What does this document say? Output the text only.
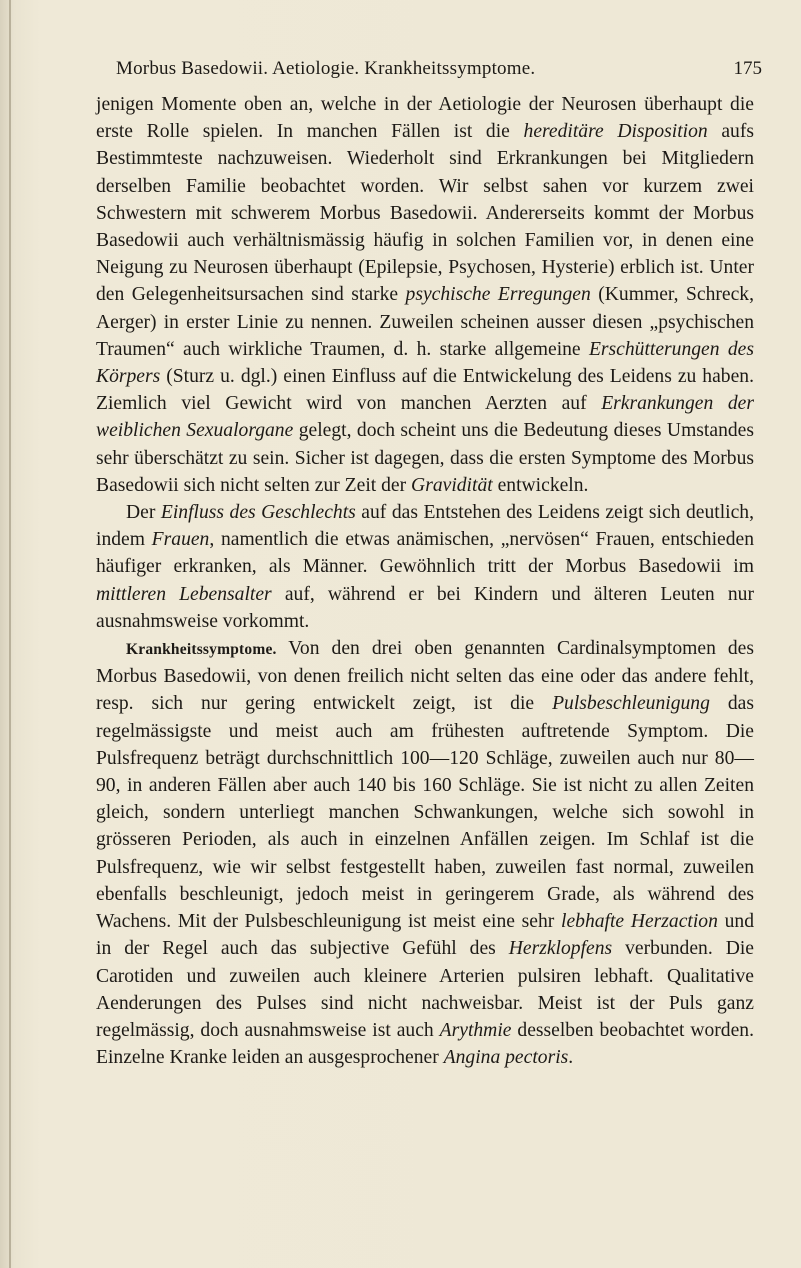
Morbus Basedowii. Aetiologie. Krankheitssymptome.	175

jenigen Momente oben an, welche in der Aetiologie der Neurosen überhaupt die erste Rolle spielen. In manchen Fällen ist die hereditäre Disposition aufs Bestimmteste nachzuweisen. Wiederholt sind Erkrankungen bei Mitgliedern derselben Familie beobachtet worden. Wir selbst sahen vor kurzem zwei Schwestern mit schwerem Morbus Basedowii. Andererseits kommt der Morbus Basedowii auch verhältnismässig häufig in solchen Familien vor, in denen eine Neigung zu Neurosen überhaupt (Epilepsie, Psychosen, Hysterie) erblich ist. Unter den Gelegenheitsursachen sind starke psychische Erregungen (Kummer, Schreck, Aerger) in erster Linie zu nennen. Zuweilen scheinen ausser diesen „psychischen Traumen“ auch wirkliche Traumen, d. h. starke allgemeine Erschütterungen des Körpers (Sturz u. dgl.) einen Einfluss auf die Entwickelung des Leidens zu haben. Ziemlich viel Gewicht wird von manchen Aerzten auf Erkrankungen der weiblichen Sexualorgane gelegt, doch scheint uns die Bedeutung dieses Umstandes sehr überschätzt zu sein. Sicher ist dagegen, dass die ersten Symptome des Morbus Basedowii sich nicht selten zur Zeit der Gravidität entwickeln.

Der Einfluss des Geschlechts auf das Entstehen des Leidens zeigt sich deutlich, indem Frauen, namentlich die etwas anämischen, „nervösen“ Frauen, entschieden häufiger erkranken, als Männer. Gewöhnlich tritt der Morbus Basedowii im mittleren Lebensalter auf, während er bei Kindern und älteren Leuten nur ausnahmsweise vorkommt.

Krankheitssymptome. Von den drei oben genannten Cardinalsymptomen des Morbus Basedowii, von denen freilich nicht selten das eine oder das andere fehlt, resp. sich nur gering entwickelt zeigt, ist die Pulsbeschleunigung das regelmässigste und meist auch am frühesten auftretende Symptom. Die Pulsfrequenz beträgt durchschnittlich 100—120 Schläge, zuweilen auch nur 80—90, in anderen Fällen aber auch 140 bis 160 Schläge. Sie ist nicht zu allen Zeiten gleich, sondern unterliegt manchen Schwankungen, welche sich sowohl in grösseren Perioden, als auch in einzelnen Anfällen zeigen. Im Schlaf ist die Pulsfrequenz, wie wir selbst festgestellt haben, zuweilen fast normal, zuweilen ebenfalls beschleunigt, jedoch meist in geringerem Grade, als während des Wachens. Mit der Pulsbeschleunigung ist meist eine sehr lebhafte Herzaction und in der Regel auch das subjective Gefühl des Herzklopfens verbunden. Die Carotiden und zuweilen auch kleinere Arterien pulsiren lebhaft. Qualitative Aenderungen des Pulses sind nicht nachweisbar. Meist ist der Puls ganz regelmässig, doch ausnahmsweise ist auch Arythmie desselben beobachtet worden. Einzelne Kranke leiden an ausgesprochener Angina pectoris.
